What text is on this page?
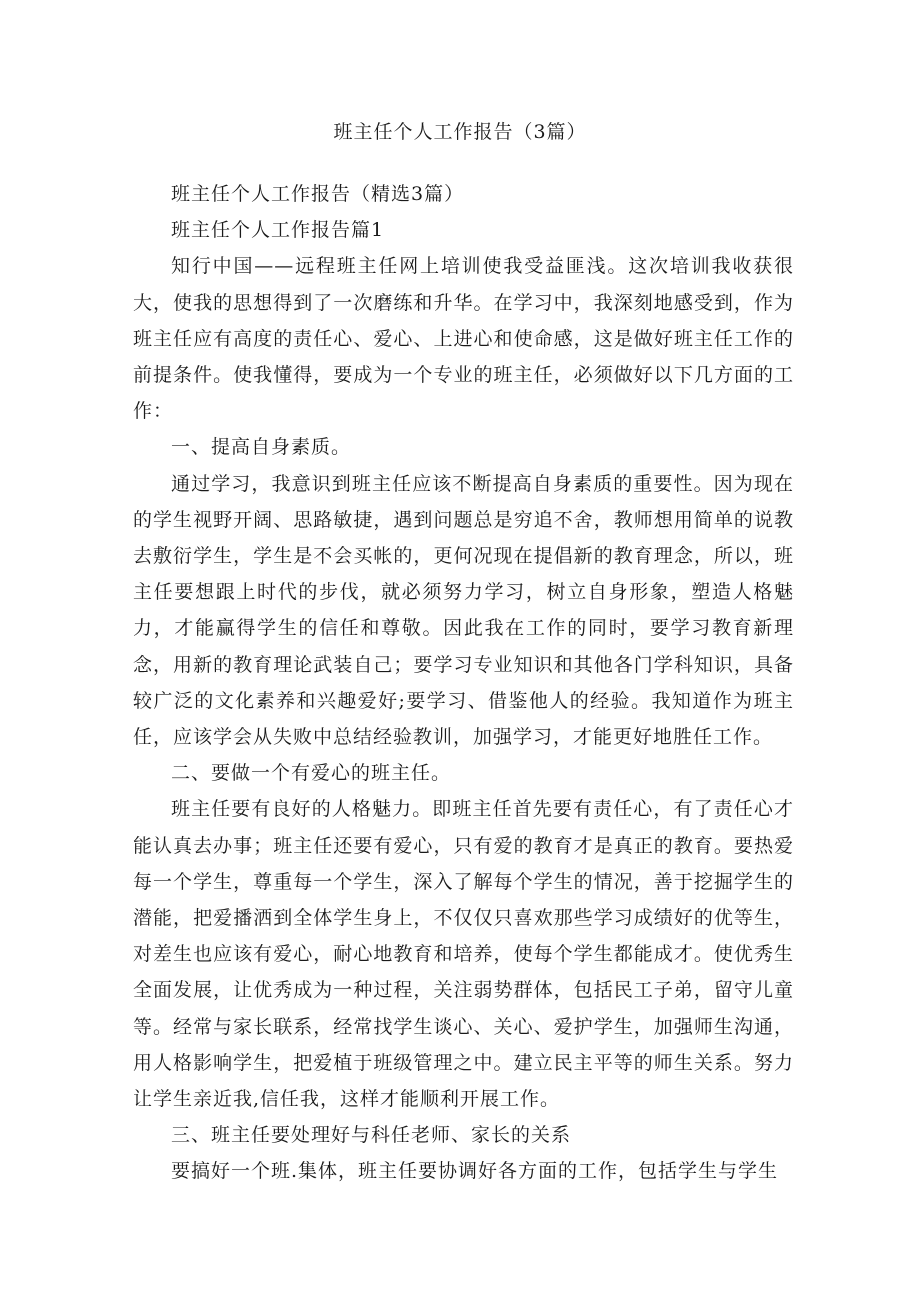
班主任个人工作报告（3篇）

班主任个人工作报告（精选3篇）

班主任个人工作报告篇1

知行中国——远程班主任网上培训使我受益匪浅。这次培训我收获很大，使我的思想得到了一次磨练和升华。在学习中，我深刻地感受到，作为班主任应有高度的责任心、爱心、上进心和使命感，这是做好班主任工作的前提条件。使我懂得，要成为一个专业的班主任，必须做好以下几方面的工作：

一、提高自身素质。

通过学习，我意识到班主任应该不断提高自身素质的重要性。因为现在的学生视野开阔、思路敏捷，遇到问题总是穷追不舍，教师想用简单的说教去敷衍学生，学生是不会买帐的，更何况现在提倡新的教育理念，所以，班主任要想跟上时代的步伐，就必须努力学习，树立自身形象，塑造人格魅力，才能赢得学生的信任和尊敬。因此我在工作的同时，要学习教育新理念，用新的教育理论武装自己；要学习专业知识和其他各门学科知识，具备较广泛的文化素养和兴趣爱好;要学习、借鉴他人的经验。我知道作为班主任，应该学会从失败中总结经验教训，加强学习，才能更好地胜任工作。

二、要做一个有爱心的班主任。

班主任要有良好的人格魅力。即班主任首先要有责任心，有了责任心才能认真去办事；班主任还要有爱心，只有爱的教育才是真正的教育。要热爱每一个学生，尊重每一个学生，深入了解每个学生的情况，善于挖掘学生的潜能，把爱播洒到全体学生身上，不仅仅只喜欢那些学习成绩好的优等生，对差生也应该有爱心，耐心地教育和培养，使每个学生都能成才。使优秀生全面发展，让优秀成为一种过程，关注弱势群体，包括民工子弟，留守儿童等。经常与家长联系，经常找学生谈心、关心、爱护学生，加强师生沟通，用人格影响学生，把爱植于班级管理之中。建立民主平等的师生关系。努力让学生亲近我,信任我，这样才能顺利开展工作。

三、班主任要处理好与科任老师、家长的关系

要搞好一个班.集体，班主任要协调好各方面的工作，包括学生与学生
